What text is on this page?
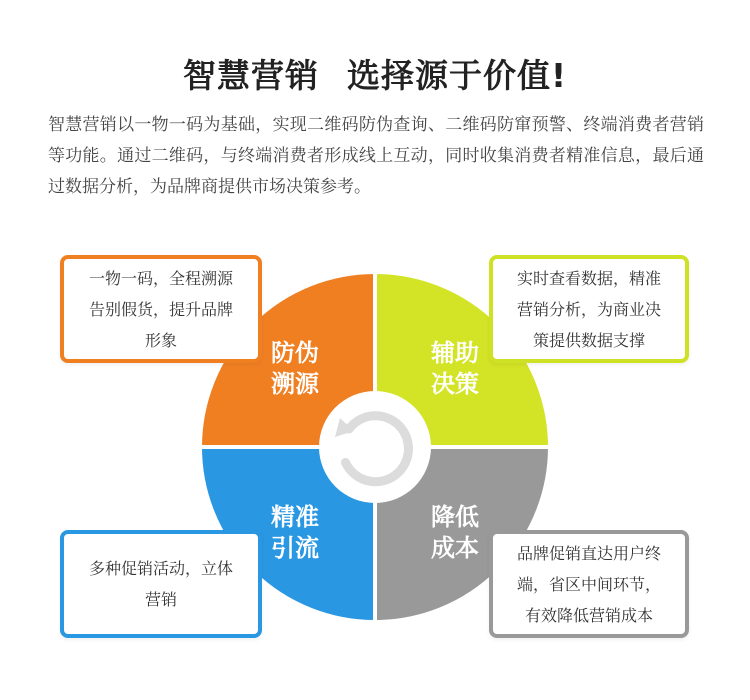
智慧营销 选择源于价值!
智慧营销以一物一码为基础，实现二维码防伪查询、二维码防窜预警、终端消费者营销等功能。通过二维码，与终端消费者形成线上互动，同时收集消费者精准信息，最后通过数据分析，为品牌商提供市场决策参考。
防伪
溯源
辅助
决策
精准
引流
降低
成本
一物一码，全程溯源
告别假货，提升品牌
形象
实时查看数据，精准
营销分析，为商业决
策提供数据支撑
多种促销活动，立体
营销
品牌促销直达用户终
端，省区中间环节，
有效降低营销成本
